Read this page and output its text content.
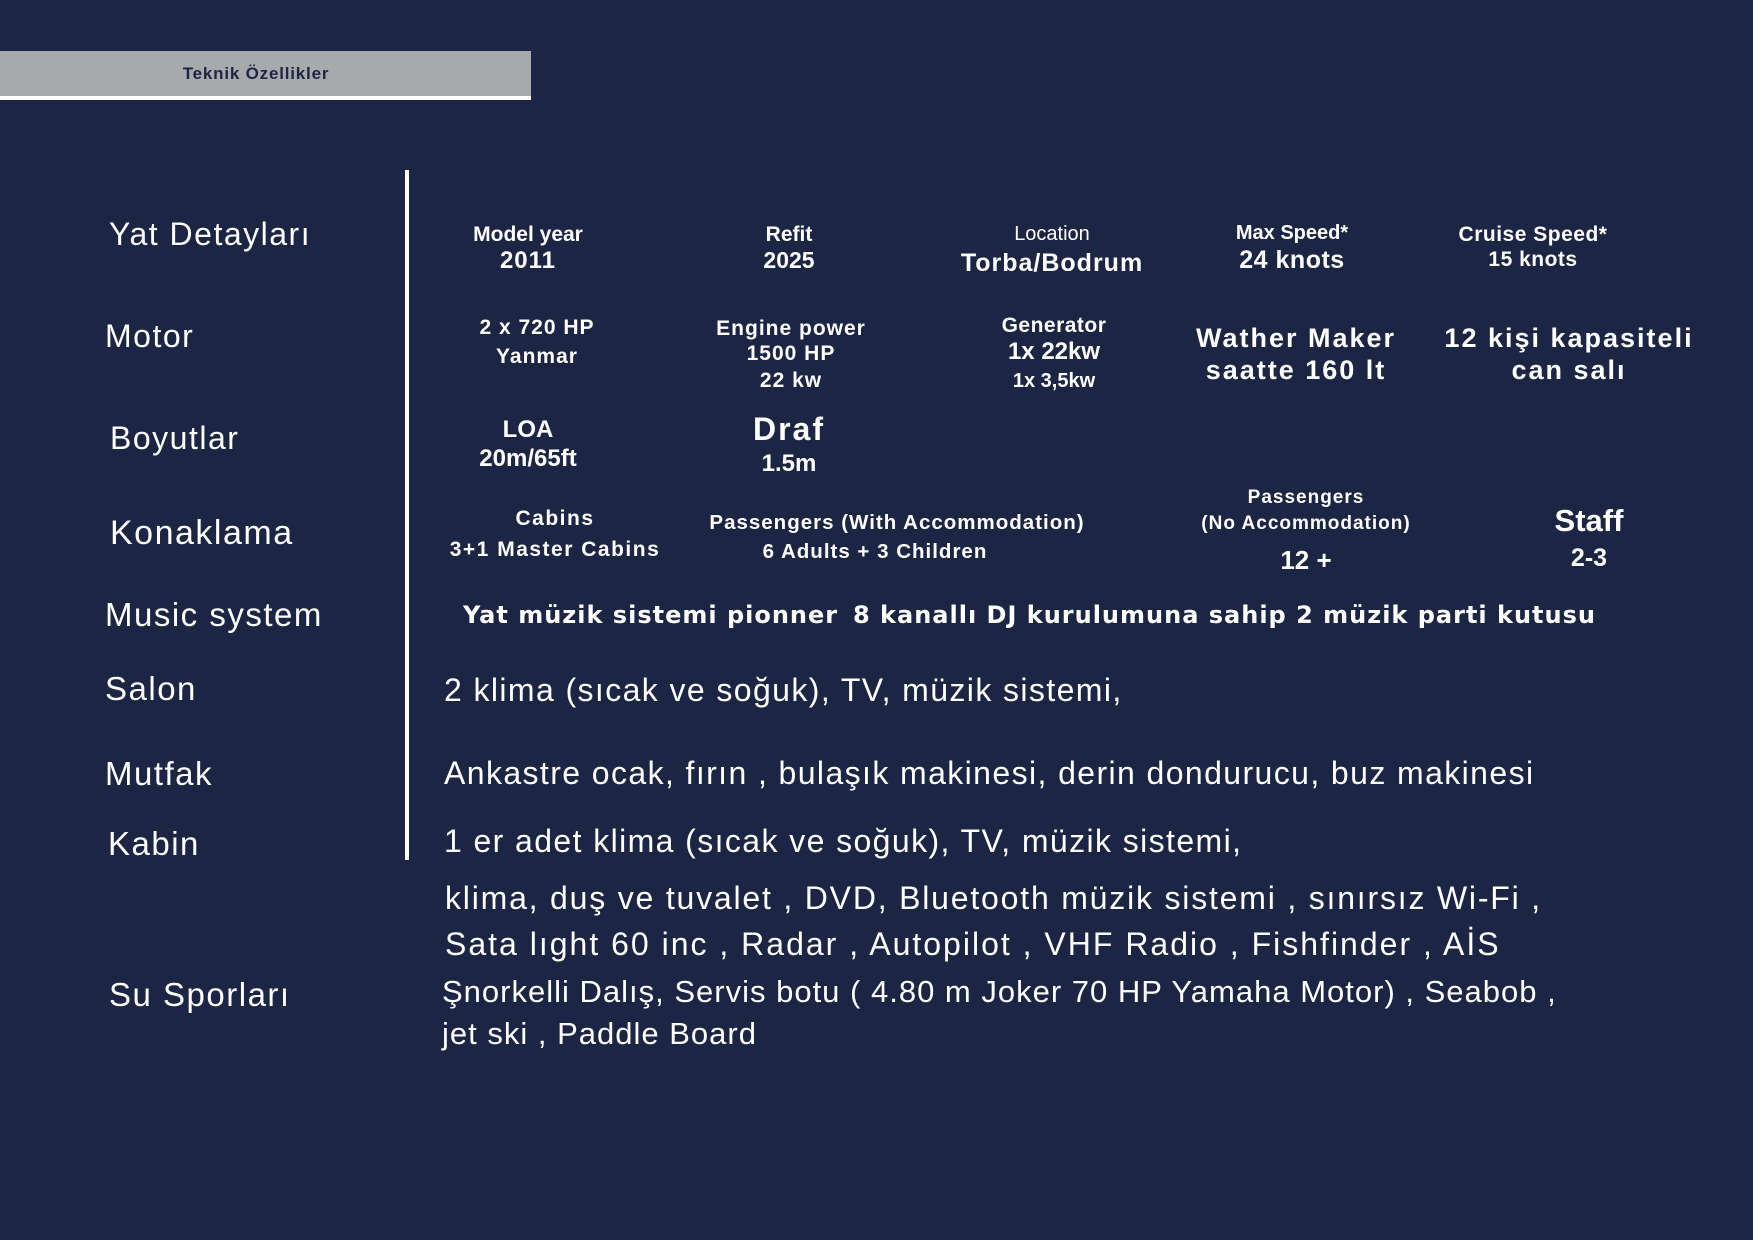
Teknik Özellikler
Yat Detayları
Motor
Boyutlar
Konaklama
Music system
Salon
Mutfak
Kabin
Su Sporları
Model year
2011
Refit
2025
Location
Torba/Bodrum
Max Speed*
24 knots
Cruise Speed*
15 knots
2 x 720 HP
Yanmar
Engine power
1500 HP
22 kw
Generator
1x 22kw
1x 3,5kw
Wather Maker
saatte 160 lt
12 kişi kapasiteli
can salı
LOA
20m/65ft
Draf
1.5m
Cabins
3+1 Master Cabins
Passengers (With Accommodation)
6 Adults + 3 Children
Passengers
(No Accommodation)
12 +
Staff
2-3
Yat müzik sistemi pionner 8 kanallı DJ kurulumuna sahip 2 müzik parti kutusu
2 klima (sıcak ve soğuk), TV, müzik sistemi,
Ankastre ocak, fırın , bulaşık makinesi, derin dondurucu, buz makinesi
1 er adet klima (sıcak ve soğuk), TV, müzik sistemi,
klima, duş ve tuvalet , DVD, Bluetooth müzik sistemi , sınırsız Wi-Fi ,
Sata lıght 60 inc , Radar , Autopilot , VHF Radio , Fishfinder , AİS
Şnorkelli Dalış, Servis botu ( 4.80 m Joker 70 HP Yamaha Motor) , Seabob ,
jet ski , Paddle Board
